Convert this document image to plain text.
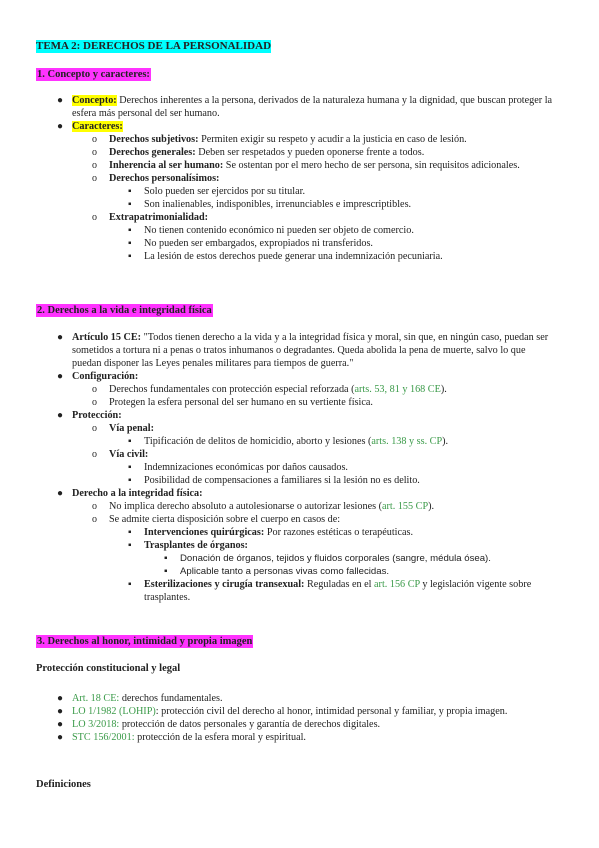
TEMA 2: DERECHOS DE LA PERSONALIDAD
1. Concepto y caracteres:
● Concepto: Derechos inherentes a la persona, derivados de la naturaleza humana y la dignidad, que buscan proteger la esfera más personal del ser humano.
● Caracteres:
o Derechos subjetivos: Permiten exigir su respeto y acudir a la justicia en caso de lesión.
o Derechos generales: Deben ser respetados y pueden oponerse frente a todos.
o Inherencia al ser humano: Se ostentan por el mero hecho de ser persona, sin requisitos adicionales.
o Derechos personalísimos:
▪ Solo pueden ser ejercidos por su titular.
▪ Son inalienables, indisponibles, irrenunciables e imprescriptibles.
o Extrapatrimonialidad:
▪ No tienen contenido económico ni pueden ser objeto de comercio.
▪ No pueden ser embargados, expropiados ni transferidos.
▪ La lesión de estos derechos puede generar una indemnización pecuniaria.
2. Derechos a la vida e integridad física
● Artículo 15 CE: "Todos tienen derecho a la vida y a la integridad física y moral, sin que, en ningún caso, puedan ser sometidos a tortura ni a penas o tratos inhumanos o degradantes. Queda abolida la pena de muerte, salvo lo que puedan disponer las Leyes penales militares para tiempos de guerra."
● Configuración:
o Derechos fundamentales con protección especial reforzada (arts. 53, 81 y 168 CE).
o Protegen la esfera personal del ser humano en su vertiente física.
● Protección:
o Vía penal:
▪ Tipificación de delitos de homicidio, aborto y lesiones (arts. 138 y ss. CP).
o Vía civil:
▪ Indemnizaciones económicas por daños causados.
▪ Posibilidad de compensaciones a familiares si la lesión no es delito.
● Derecho a la integridad física:
o No implica derecho absoluto a autolesionarse o autorizar lesiones (art. 155 CP).
o Se admite cierta disposición sobre el cuerpo en casos de:
▪ Intervenciones quirúrgicas: Por razones estéticas o terapéuticas.
▪ Trasplantes de órganos:
▪ Donación de órganos, tejidos y fluidos corporales (sangre, médula ósea).
▪ Aplicable tanto a personas vivas como fallecidas.
▪ Esterilizaciones y cirugía transexual: Reguladas en el art. 156 CP y legislación vigente sobre trasplantes.
3. Derechos al honor, intimidad y propia imagen
Protección constitucional y legal
● Art. 18 CE: derechos fundamentales.
● LO 1/1982 (LOHIP): protección civil del derecho al honor, intimidad personal y familiar, y propia imagen.
● LO 3/2018: protección de datos personales y garantía de derechos digitales.
● STC 156/2001: protección de la esfera moral y espiritual.
Definiciones
